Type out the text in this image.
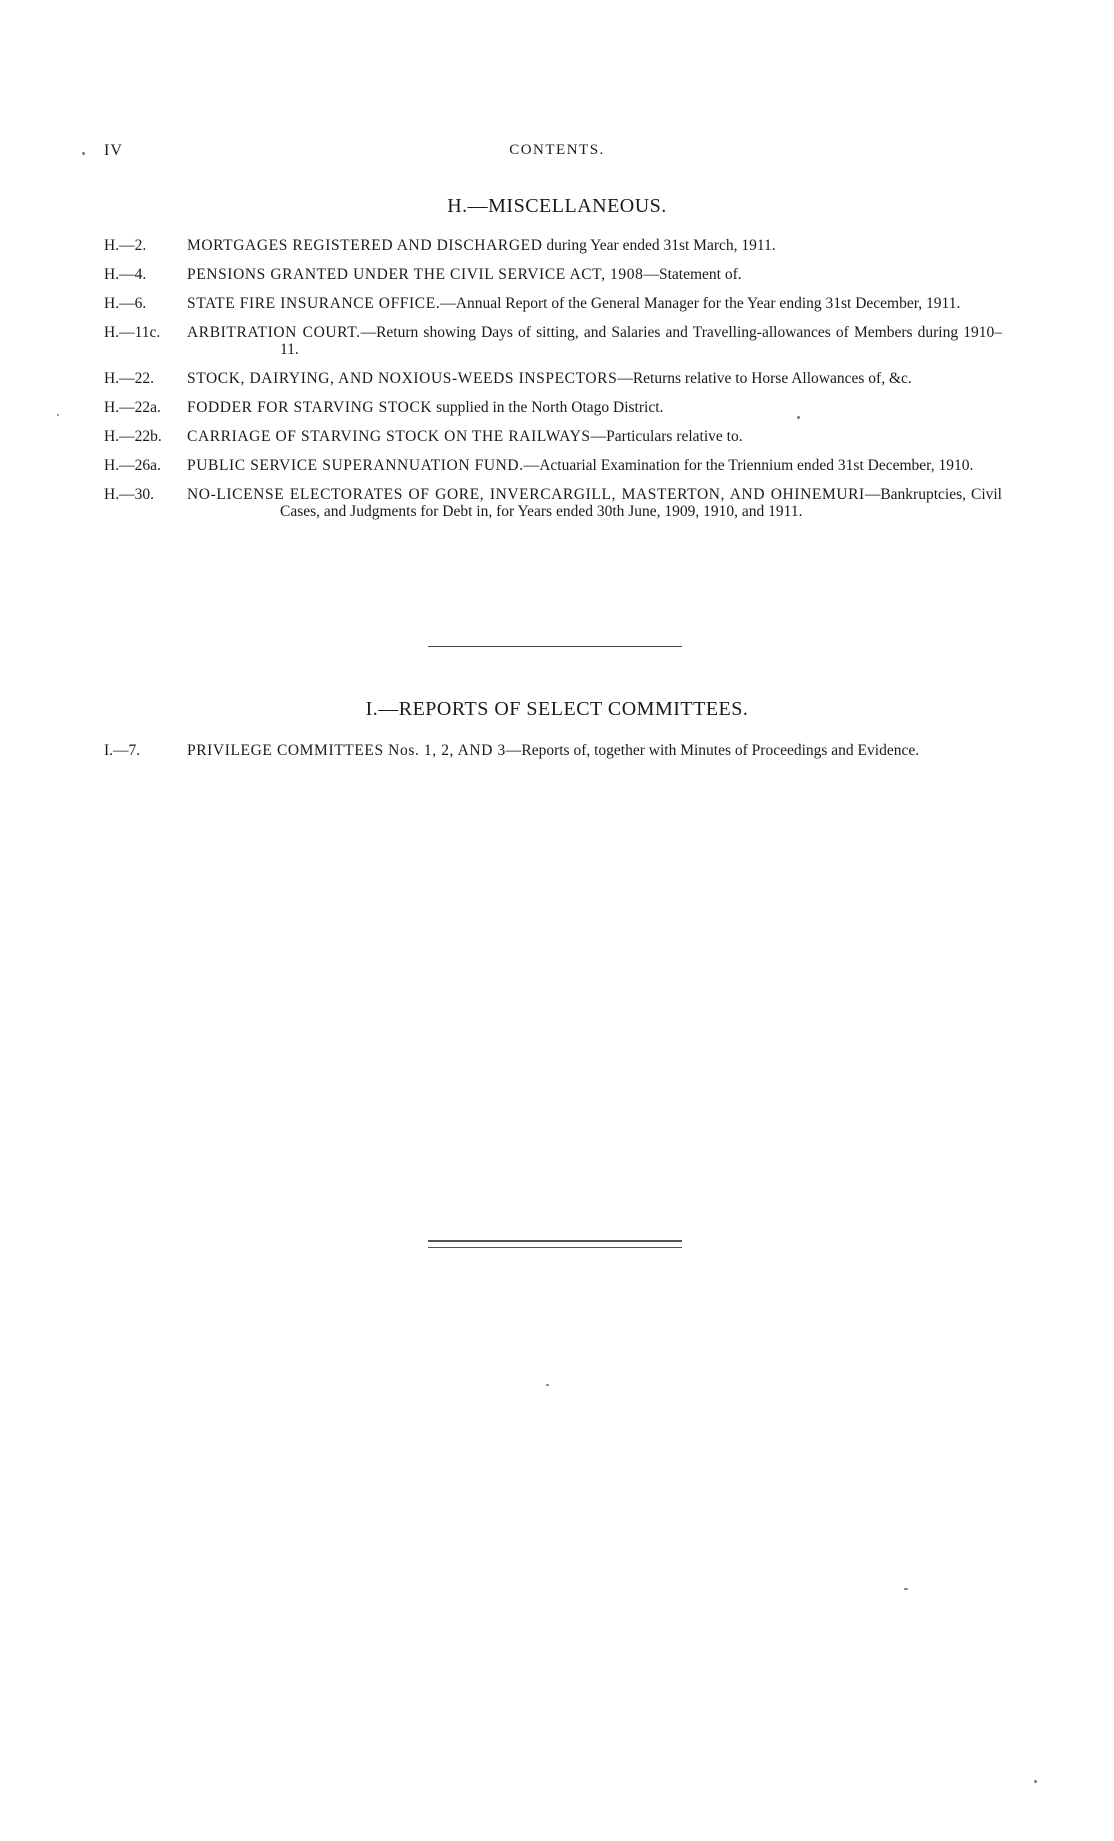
IV	CONTENTS.
H.—MISCELLANEOUS.
H.—2.	MORTGAGES REGISTERED AND DISCHARGED during Year ended 31st March, 1911.
H.—4.	PENSIONS GRANTED UNDER THE CIVIL SERVICE ACT, 1908—Statement of.
H.—6.	STATE FIRE INSURANCE OFFICE.—Annual Report of the General Manager for the Year ending 31st December, 1911.
H.—11c.	ARBITRATION COURT.—Return showing Days of sitting, and Salaries and Travelling-allowances of Members during 1910–11.
H.—22.	STOCK, DAIRYING, AND NOXIOUS-WEEDS INSPECTORS—Returns relative to Horse Allowances of, &c.
H.—22a.	FODDER FOR STARVING STOCK supplied in the North Otago District.
H.—22b.	CARRIAGE OF STARVING STOCK ON THE RAILWAYS—Particulars relative to.
H.—26a.	PUBLIC SERVICE SUPERANNUATION FUND.—Actuarial Examination for the Triennium ended 31st December, 1910.
H.—30.	NO-LICENSE ELECTORATES OF GORE, INVERCARGILL, MASTERTON, AND OHINEMURI—Bankruptcies, Civil Cases, and Judgments for Debt in, for Years ended 30th June, 1909, 1910, and 1911.
I.—REPORTS OF SELECT COMMITTEES.
I.—7.	PRIVILEGE COMMITTEES Nos. 1, 2, AND 3—Reports of, together with Minutes of Proceedings and Evidence.
